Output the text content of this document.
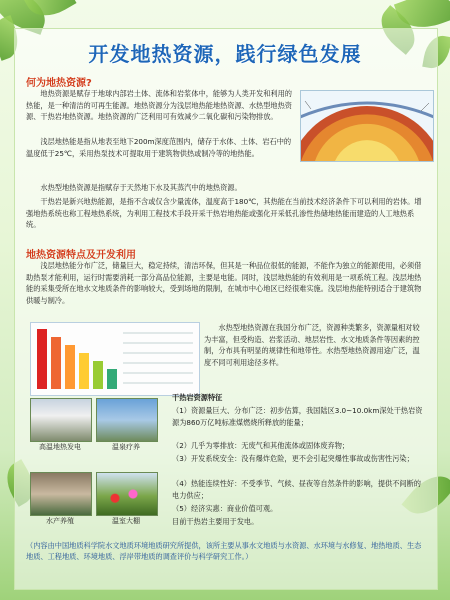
开发地热资源，践行绿色发展
何为地热资源?

地热资源是赋存于地球内部岩土体、流体和岩浆体中，能够为人类开发和利用的热能，是一种清洁的可再生能源。地热资源分为浅层地热能地热资源、水热型地热资源、干热岩地热资源。地热资源的广泛利用可有效减少二氧化碳和污染物排放。

浅层地热能是指从地表至地下200m深度范围内，储存于水体、土体、岩石中的温度低于25℃，采用热泵技术可提取用于建筑物供热或制冷等的地热能。

水热型地热资源是指赋存于天然地下水及其蒸汽中的地热资源。

干热岩是新兴地热能源，是指不含或仅含少量流体，温度高于180℃，其热能在当前技术经济条件下可以利用的岩体。增强地热系统也称工程地热系统，为利用工程技术手段开采干热岩地热能或强化开采低孔渗性热储地热能而建造的人工地热系统。

地热资源特点及开发利用

浅层地热能分布广泛，储量巨大，稳定持续，清洁环保，但其是一种品位很低的能源，不能作为独立的能源使用，必须借助热泵才能利用，运行时需要消耗一部分高品位能源，主要是电能。同时，浅层地热能的有效利用是一项系统工程。浅层地热能的采集受所在地水文地质条件的影响较大，受到场地的限制，在城市中心地区已经很难实施。浅层地热能特别适合于建筑物供暖与制冷。

水热型地热资源在我国分布广泛，资源种类繁多，资源量相对较为丰富，但受构造、岩浆活动、地层岩性、水文地质条件等因素的控制，分布具有明显的规律性和地带性。水热型地热资源用途广泛，温度不同可利用途径多样。

高温地热发电	温泉疗养
水产养殖	温室大棚

干热岩资源特征

（1）资源量巨大、分布广泛：初步估算，我国陆区3.0~10.0km深处干热岩资源为860万亿吨标准煤燃烧所释放的能量；

（2）几乎为零排放：无废气和其他流体或固体废弃物；

（3）开发系统安全：没有爆炸危险，更不会引起突爆性事故或伤害性污染；

（4）热能连续性好：不受季节、气候、昼夜等自然条件的影响，提供不间断的电力供应；

（5）经济实惠：商业价值可观。

目前干热岩主要用于发电。

（内容由中国地质科学院水文地质环境地质研究所提供，该所主要从事水文地质与水资源、水环境与水修复、地热地质、生态地质、工程地质、环境地质、浮岸带地质的调查评价与科学研究工作。）
